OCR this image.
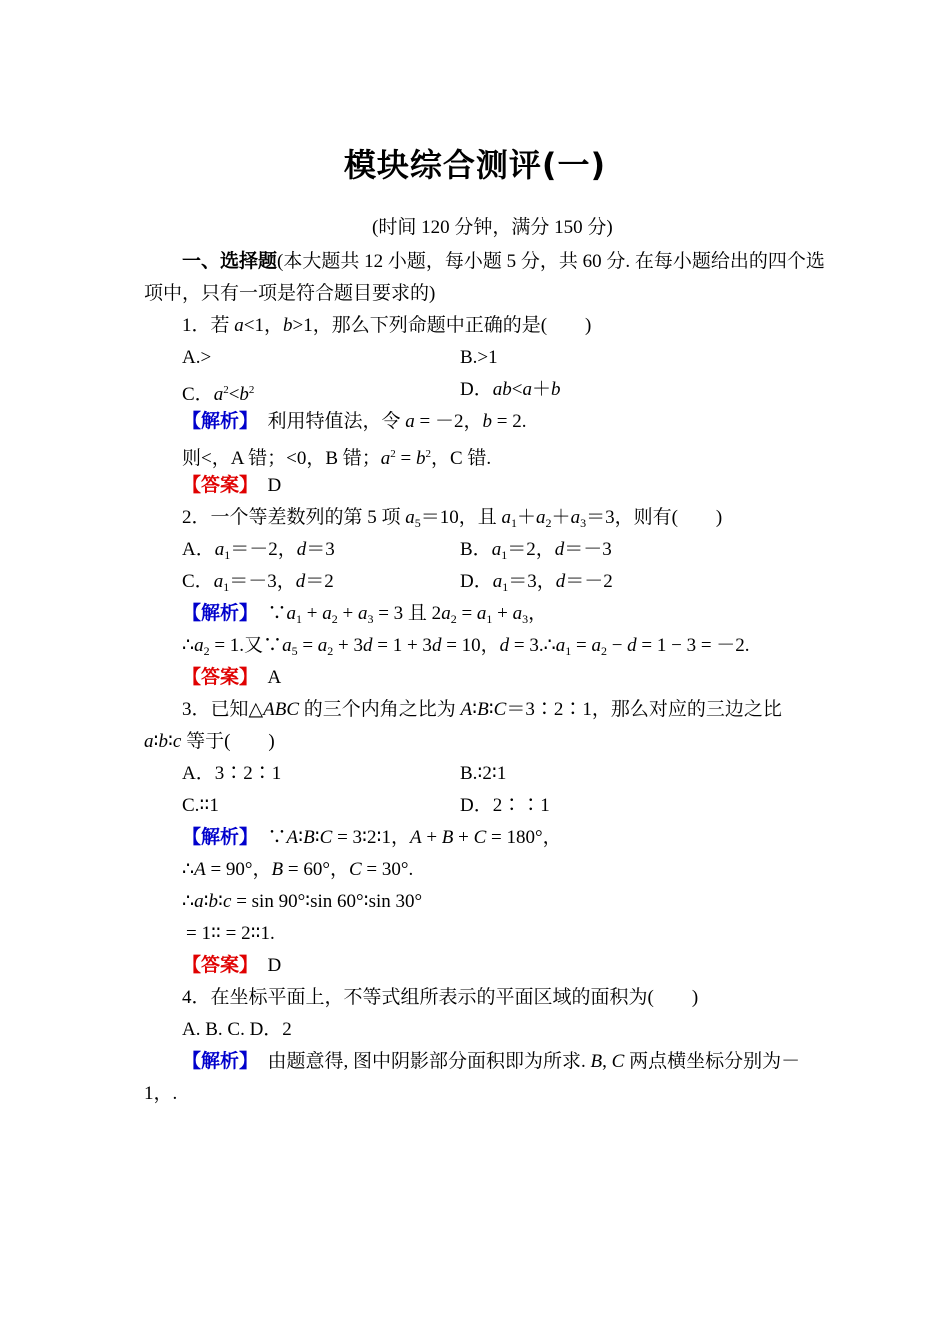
模块综合测评(一)
(时间 120 分钟，满分 150 分)
一、选择题(本大题共 12 小题，每小题 5 分，共 60 分. 在每小题给出的四个选
项中，只有一项是符合题目要求的)
1．若 a<1，b>1，那么下列命题中正确的是(　　)
A.>	B.>1
C．$a^2<b^2$	D．ab<a＋b
【解析】　利用特值法，令 a = －2，b = 2.
则<，A 错；<0，B 错；$a^2 = b^2$，C 错.
【答案】　D
2．一个等差数列的第 5 项 $a_5=10$，且 $a_1+a_2+a_3=3$，则有(　　)
A．$a_1=-2$，d＝3	B．$a_1=2$，d＝－3
C．$a_1=-3$，d＝2	D．$a_1=3$，d＝－2
【解析】　$\because a_1 + a_2 + a_3 = 3$ 且 $2a_2 = a_1 + a_3$，
$\therefore a_2 = 1$.又$\because a_5 = a_2 + 3d = 1 + 3d = 10$，$d = 3.\therefore a_1 = a_2 - d = 1 - 3 = -2$.
【答案】　A
3．已知△ABC 的三个内角之比为 A∶B∶C＝3∶2∶1，那么对应的三边之比
a∶b∶c 等于(　　)
A．3∶2∶1	B.∶2∶1
C.∶∶1	D．2∶∶1
【解析】　∵A∶B∶C = 3∶2∶1，A + B + C = 180°，
∴A = 90°，B = 60°，C = 30°.
∴a∶b∶c = sin 90°∶sin 60°∶sin 30°
= 1∶∶ = 2∶∶1.
【答案】　D
4．在坐标平面上，不等式组所表示的平面区域的面积为(　　)
A. B. C. D．2
【解析】　由题意得, 图中阴影部分面积即为所求. B, C 两点横坐标分别为－
1，.
